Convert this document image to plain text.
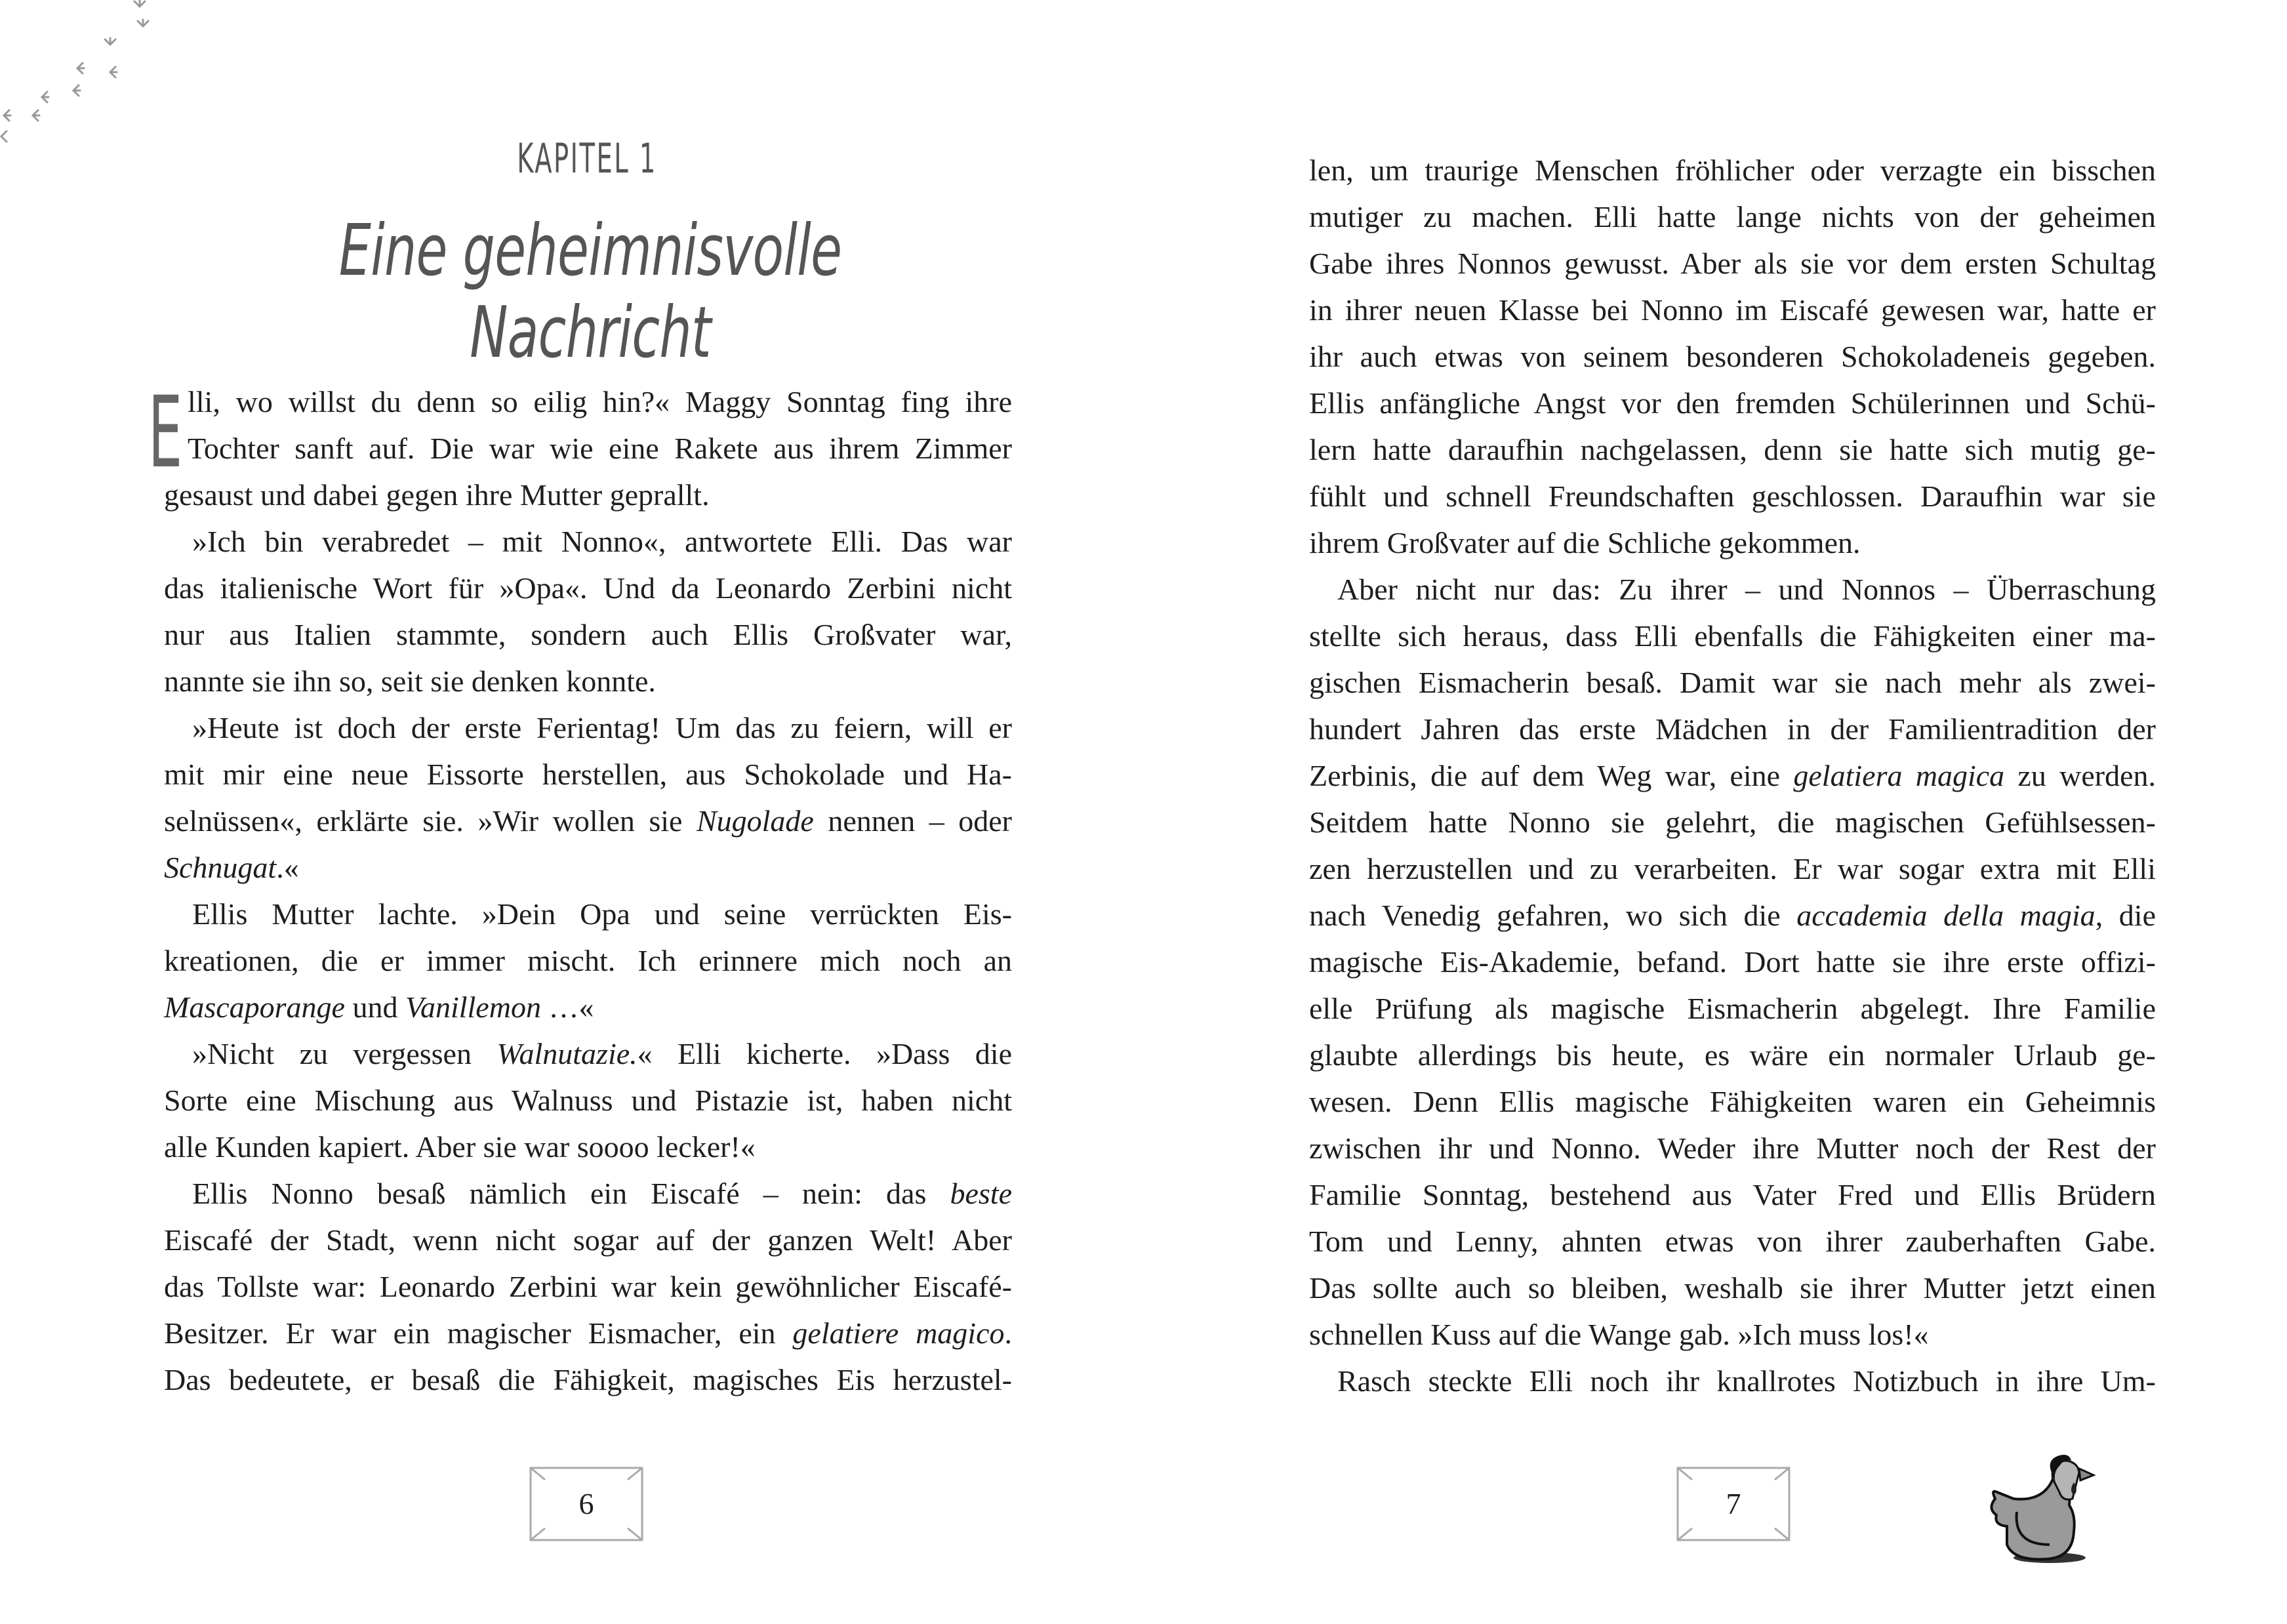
KAPITEL 1
Eine geheimnisvolle Nachricht
E lli, wo willst du denn so eilig hin?« Maggy Sonntag fing ihre
Tochter sanft auf. Die war wie eine Rakete aus ihrem Zimmer
gesaust und dabei gegen ihre Mutter geprallt.
»Ich bin verabredet – mit Nonno«, antwortete Elli. Das war
das italienische Wort für »Opa«. Und da Leonardo Zerbini nicht
nur aus Italien stammte, sondern auch Ellis Großvater war,
nannte sie ihn so, seit sie denken konnte.
»Heute ist doch der erste Ferientag! Um das zu feiern, will er
mit mir eine neue Eissorte herstellen, aus Schokolade und Ha-
selnüssen«, erklärte sie. »Wir wollen sie Nugolade nennen – oder
Schnugat.«
Ellis Mutter lachte. »Dein Opa und seine verrückten Eis-
kreationen, die er immer mischt. Ich erinnere mich noch an
Mascaporange und Vanillemon …«
»Nicht zu vergessen Walnutazie.« Elli kicherte. »Dass die
Sorte eine Mischung aus Walnuss und Pistazie ist, haben nicht
alle Kunden kapiert. Aber sie war soooo lecker!«
Ellis Nonno besaß nämlich ein Eiscafé – nein: das beste
Eiscafé der Stadt, wenn nicht sogar auf der ganzen Welt! Aber
das Tollste war: Leonardo Zerbini war kein gewöhnlicher Eiscafé-
Besitzer. Er war ein magischer Eismacher, ein gelatiere magico.
Das bedeutete, er besaß die Fähigkeit, magisches Eis herzustel-
6
len, um traurige Menschen fröhlicher oder verzagte ein bisschen
mutiger zu machen. Elli hatte lange nichts von der geheimen
Gabe ihres Nonnos gewusst. Aber als sie vor dem ersten Schultag
in ihrer neuen Klasse bei Nonno im Eiscafé gewesen war, hatte er
ihr auch etwas von seinem besonderen Schokoladeneis gegeben.
Ellis anfängliche Angst vor den fremden Schülerinnen und Schü-
lern hatte daraufhin nachgelassen, denn sie hatte sich mutig ge-
fühlt und schnell Freundschaften geschlossen. Daraufhin war sie
ihrem Großvater auf die Schliche gekommen.
Aber nicht nur das: Zu ihrer – und Nonnos – Überraschung
stellte sich heraus, dass Elli ebenfalls die Fähigkeiten einer ma-
gischen Eismacherin besaß. Damit war sie nach mehr als zwei-
hundert Jahren das erste Mädchen in der Familientradition der
Zerbinis, die auf dem Weg war, eine gelatiera magica zu werden.
Seitdem hatte Nonno sie gelehrt, die magischen Gefühlsessen-
zen herzustellen und zu verarbeiten. Er war sogar extra mit Elli
nach Venedig gefahren, wo sich die accademia della magia, die
magische Eis-Akademie, befand. Dort hatte sie ihre erste offizi-
elle Prüfung als magische Eismacherin abgelegt. Ihre Familie
glaubte allerdings bis heute, es wäre ein normaler Urlaub ge-
wesen. Denn Ellis magische Fähigkeiten waren ein Geheimnis
zwischen ihr und Nonno. Weder ihre Mutter noch der Rest der
Familie Sonntag, bestehend aus Vater Fred und Ellis Brüdern
Tom und Lenny, ahnten etwas von ihrer zauberhaften Gabe.
Das sollte auch so bleiben, weshalb sie ihrer Mutter jetzt einen
schnellen Kuss auf die Wange gab. »Ich muss los!«
Rasch steckte Elli noch ihr knallrotes Notizbuch in ihre Um-
7
